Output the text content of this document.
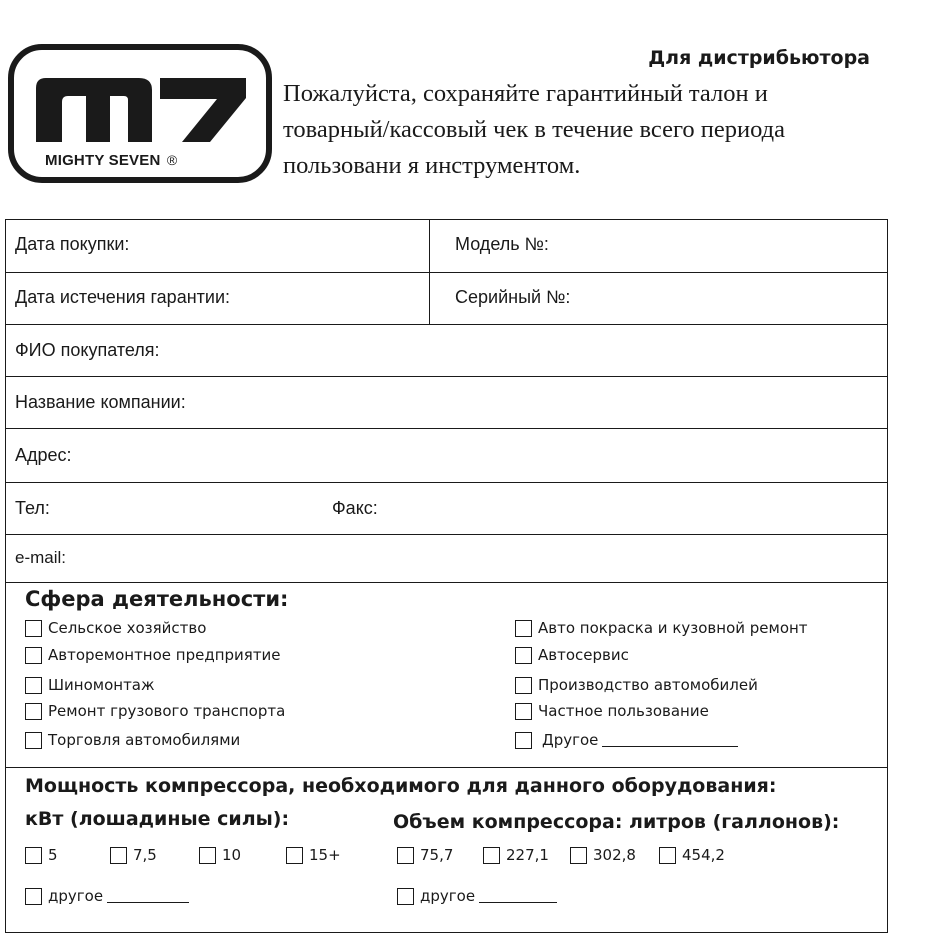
MIGHTY SEVEN ®
Для дистрибьютора
Пожалуйста, сохраняйте гарантийный талон и
товарный/кассовый чек в течение всего периода
пользовани я инструментом.
Дата покупки:	Модель №:
Дата истечения гарантии:	Серийный №:
ФИО покупателя:
Название компании:
Адрес:
Тел:	Факс:
e-mail:
Сфера деятельности:
Сельское хозяйство
Авторемонтное предприятие
Шиномонтаж
Ремонт грузового транспорта
Торговля автомобилями
Авто покраска и кузовной ремонт
Автосервис
Производство автомобилей
Частное пользование
Другое
Мощность компрессора, необходимого для данного оборудования:
кВт (лошадиные силы):	Объем компрессора: литров (галлонов):
5	7,5	10	15+
другое
75,7	227,1	302,8	454,2
другое
